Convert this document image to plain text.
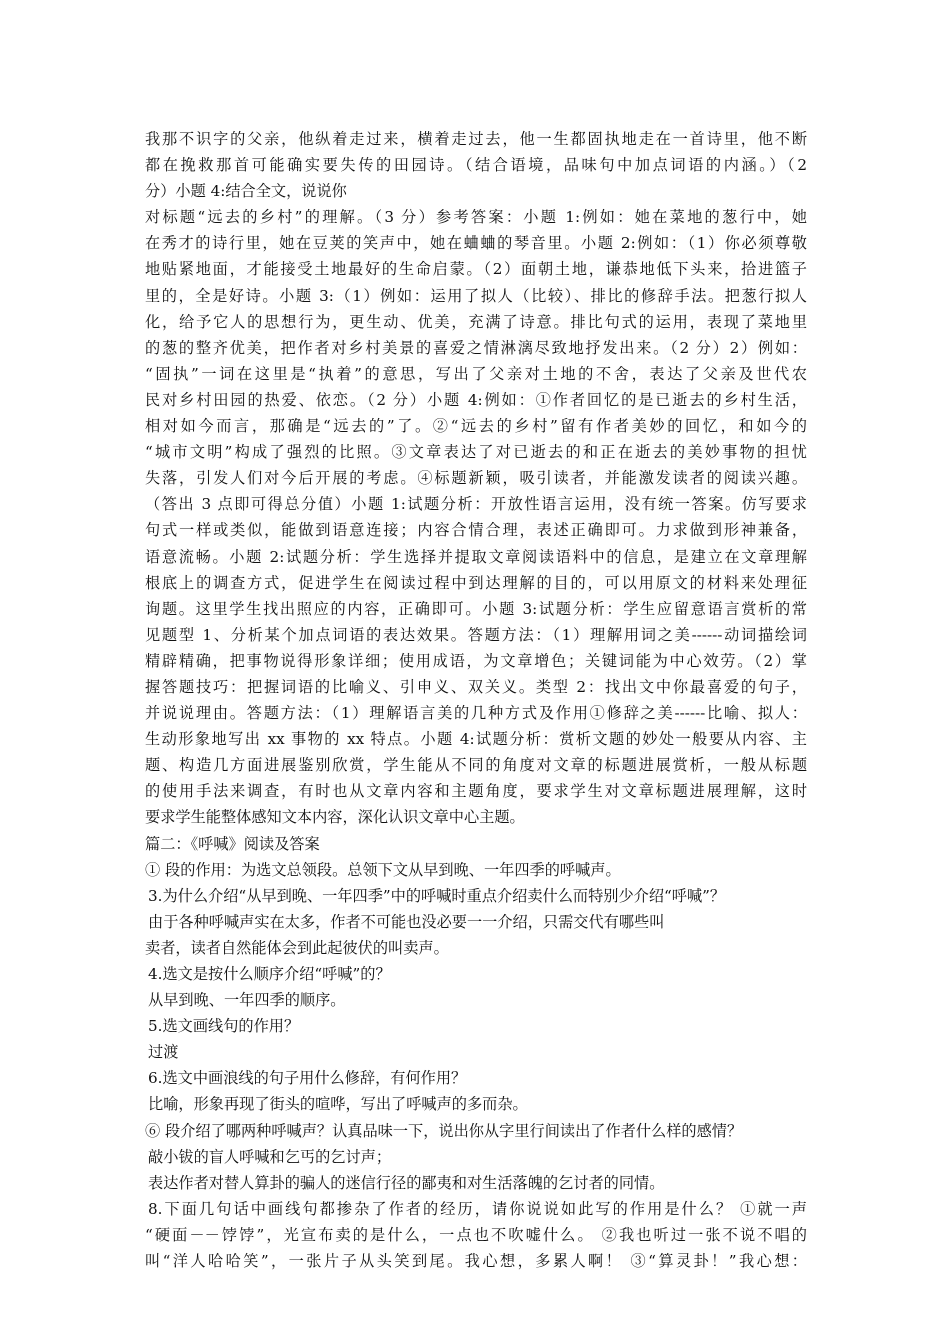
我那不识字的父亲，他纵着走过来，横着走过去，他一生都固执地走在一首诗里，他不断
都在挽救那首可能确实要失传的田园诗。（结合语境，品味句中加点词语的内涵。）（2
分）小题 4:结合全文，说说你
对标题“远去的乡村”的理解。（3 分）参考答案：小题 1:例如：她在菜地的葱行中，她
在秀才的诗行里，她在豆荚的笑声中，她在蛐蛐的琴音里。小题 2:例如：（1）你必须尊敬
地贴紧地面，才能接受土地最好的生命启蒙。（2）面朝土地，谦恭地低下头来，拾进篮子
里的，全是好诗。小题 3:（1）例如：运用了拟人（比较）、排比的修辞手法。把葱行拟人
化，给予它人的思想行为，更生动、优美，充满了诗意。排比句式的运用，表现了菜地里
的葱的整齐优美，把作者对乡村美景的喜爱之情淋漓尽致地抒发出来。（2 分）2）例如：
“固执”一词在这里是“执着”的意思，写出了父亲对土地的不舍，表达了父亲及世代农
民对乡村田园的热爱、依恋。（2 分）小题 4:例如：①作者回忆的是已逝去的乡村生活，
相对如今而言，那确是“远去的”了。②“远去的乡村”留有作者美妙的回忆，和如今的
“城市文明”构成了强烈的比照。③文章表达了对已逝去的和正在逝去的美妙事物的担忧
失落，引发人们对今后开展的考虑。④标题新颖，吸引读者，并能激发读者的阅读兴趣。
（答出 3 点即可得总分值）小题 1:试题分析：开放性语言运用，没有统一答案。仿写要求
句式一样或类似，能做到语意连接；内容合情合理，表述正确即可。力求做到形神兼备，
语意流畅。小题 2:试题分析：学生选择并提取文章阅读语料中的信息，是建立在文章理解
根底上的调查方式，促进学生在阅读过程中到达理解的目的，可以用原文的材料来处理征
询题。这里学生找出照应的内容，正确即可。小题 3:试题分析：学生应留意语言赏析的常
见题型 1、分析某个加点词语的表达效果。答题方法：（1）理解用词之美------动词描绘词
精辟精确，把事物说得形象详细；使用成语，为文章增色；关键词能为中心效劳。（2）掌
握答题技巧：把握词语的比喻义、引申义、双关义。类型 2：找出文中你最喜爱的句子，
并说说理由。答题方法：（1）理解语言美的几种方式及作用①修辞之美------比喻、拟人：
生动形象地写出 xx 事物的 xx 特点。小题 4:试题分析：赏析文题的妙处一般要从内容、主
题、构造几方面进展鉴别欣赏，学生能从不同的角度对文章的标题进展赏析，一般从标题
的使用手法来调查，有时也从文章内容和主题角度，要求学生对文章标题进展理解，这时
要求学生能整体感知文本内容，深化认识文章中心主题。
篇二：《呼喊》阅读及答案
① 段的作用：为选文总领段。总领下文从早到晚、一年四季的呼喊声。
3.为什么介绍“从早到晚、一年四季”中的呼喊时重点介绍卖什么而特别少介绍“呼喊”？
由于各种呼喊声实在太多，作者不可能也没必要一一介绍，只需交代有哪些叫
卖者，读者自然能体会到此起彼伏的叫卖声。
4.选文是按什么顺序介绍“呼喊”的？
从早到晚、一年四季的顺序。
5.选文画线句的作用？
过渡
6.选文中画浪线的句子用什么修辞，有何作用？
比喻，形象再现了街头的喧哗，写出了呼喊声的多而杂。
⑥ 段介绍了哪两种呼喊声？认真品味一下，说出你从字里行间读出了作者什么样的感情？
敲小钹的盲人呼喊和乞丐的乞讨声；
表达作者对替人算卦的骗人的迷信行径的鄙夷和对生活落魄的乞讨者的同情。
8.下面几句话中画线句都掺杂了作者的经历，请你说说如此写的作用是什么？ ①就一声
“硬面－－饽饽”，光宣布卖的是什么，一点也不吹嘘什么。 ②我也听过一张不说不唱的
叫“洋人哈哈笑”，一张片子从头笑到尾。我心想，多累人啊！ ③“算灵卦！”我心想：
